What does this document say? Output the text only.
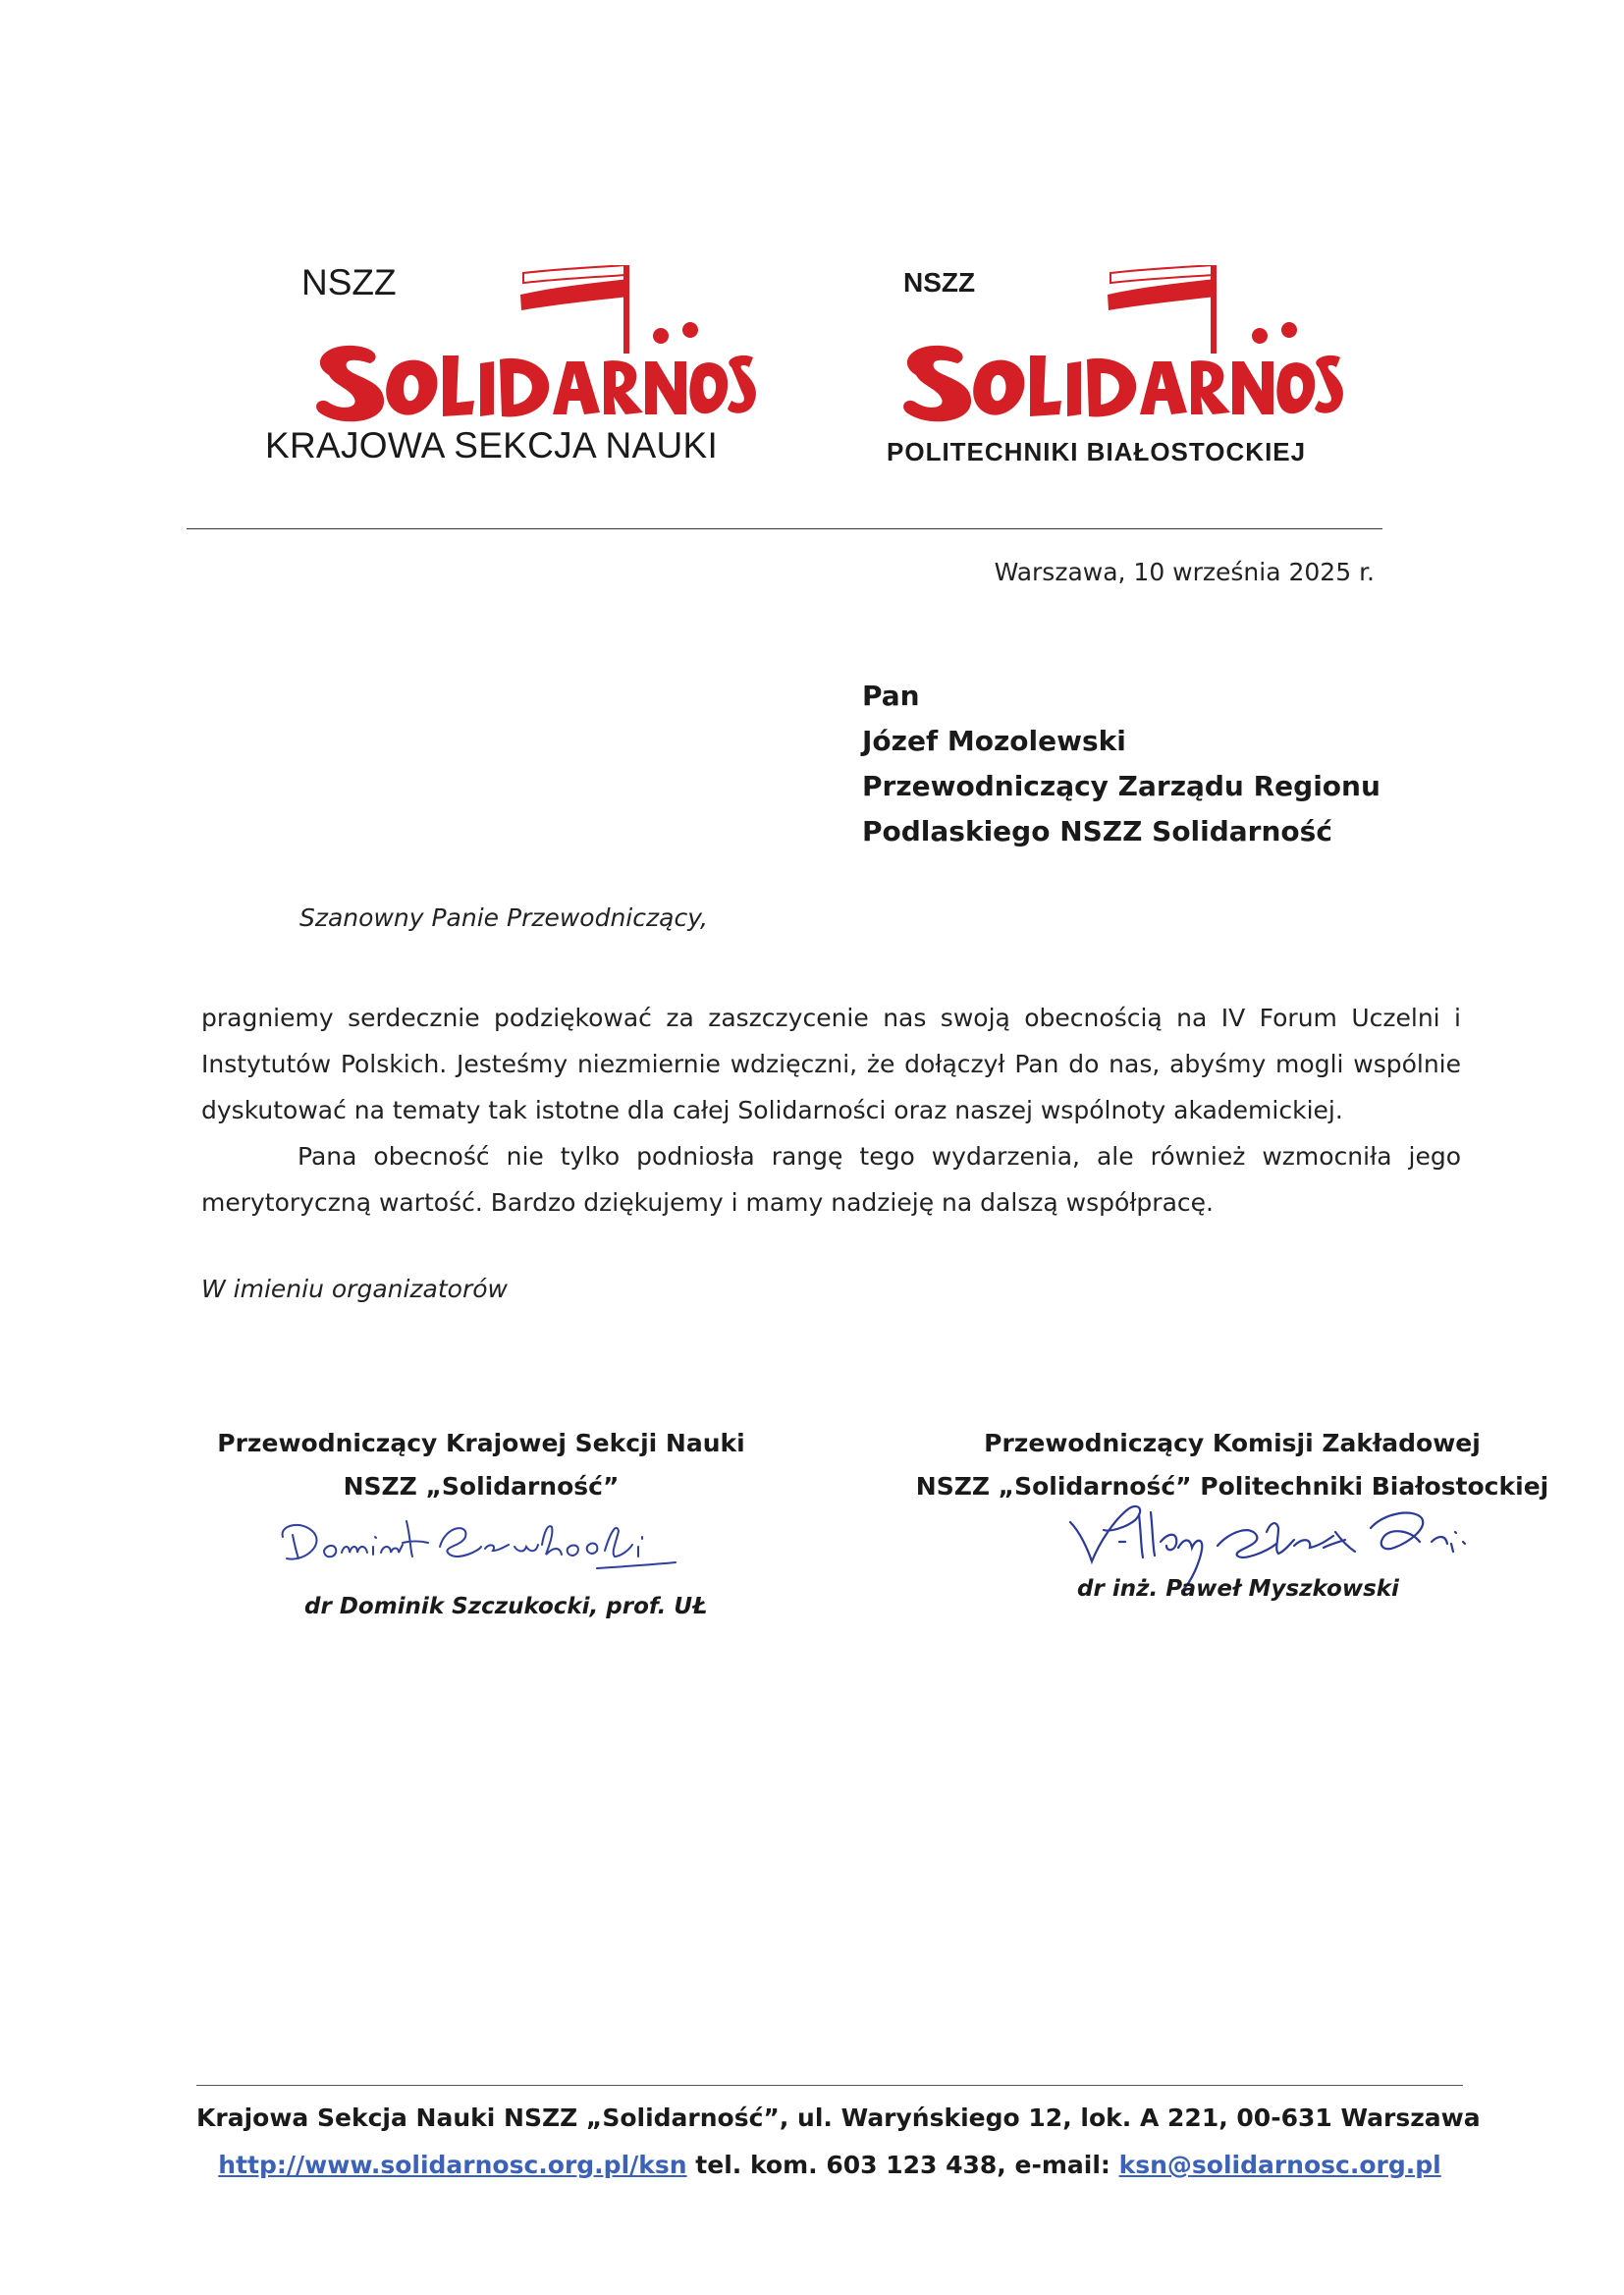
NSZZ
KRAJOWA SEKCJA NAUKI
NSZZ
POLITECHNIKI BIAŁOSTOCKIEJ
Warszawa, 10 września 2025 r.
Pan
Józef Mozolewski
Przewodniczący Zarządu Regionu
Podlaskiego NSZZ Solidarność
Szanowny Panie Przewodniczący,
pragniemy serdecznie podziękować za zaszczycenie nas swoją obecnością na IV Forum Uczelni i Instytutów Polskich. Jesteśmy niezmiernie wdzięczni, że dołączył Pan do nas, abyśmy mogli wspólnie dyskutować na tematy tak istotne dla całej Solidarności oraz naszej wspólnoty akademickiej.
Pana obecność nie tylko podniosła rangę tego wydarzenia, ale również wzmocniła jego merytoryczną wartość. Bardzo dziękujemy i mamy nadzieję na dalszą współpracę.
W imieniu organizatorów
Przewodniczący Krajowej Sekcji Nauki
NSZZ „Solidarność”
dr Dominik Szczukocki, prof. UŁ
Przewodniczący Komisji Zakładowej
NSZZ „Solidarność” Politechniki Białostockiej
dr inż. Paweł Myszkowski
Krajowa Sekcja Nauki NSZZ „Solidarność”, ul. Waryńskiego 12, lok. A 221, 00-631 Warszawa
http://www.solidarnosc.org.pl/ksn tel. kom. 603 123 438, e-mail: ksn@solidarnosc.org.pl
